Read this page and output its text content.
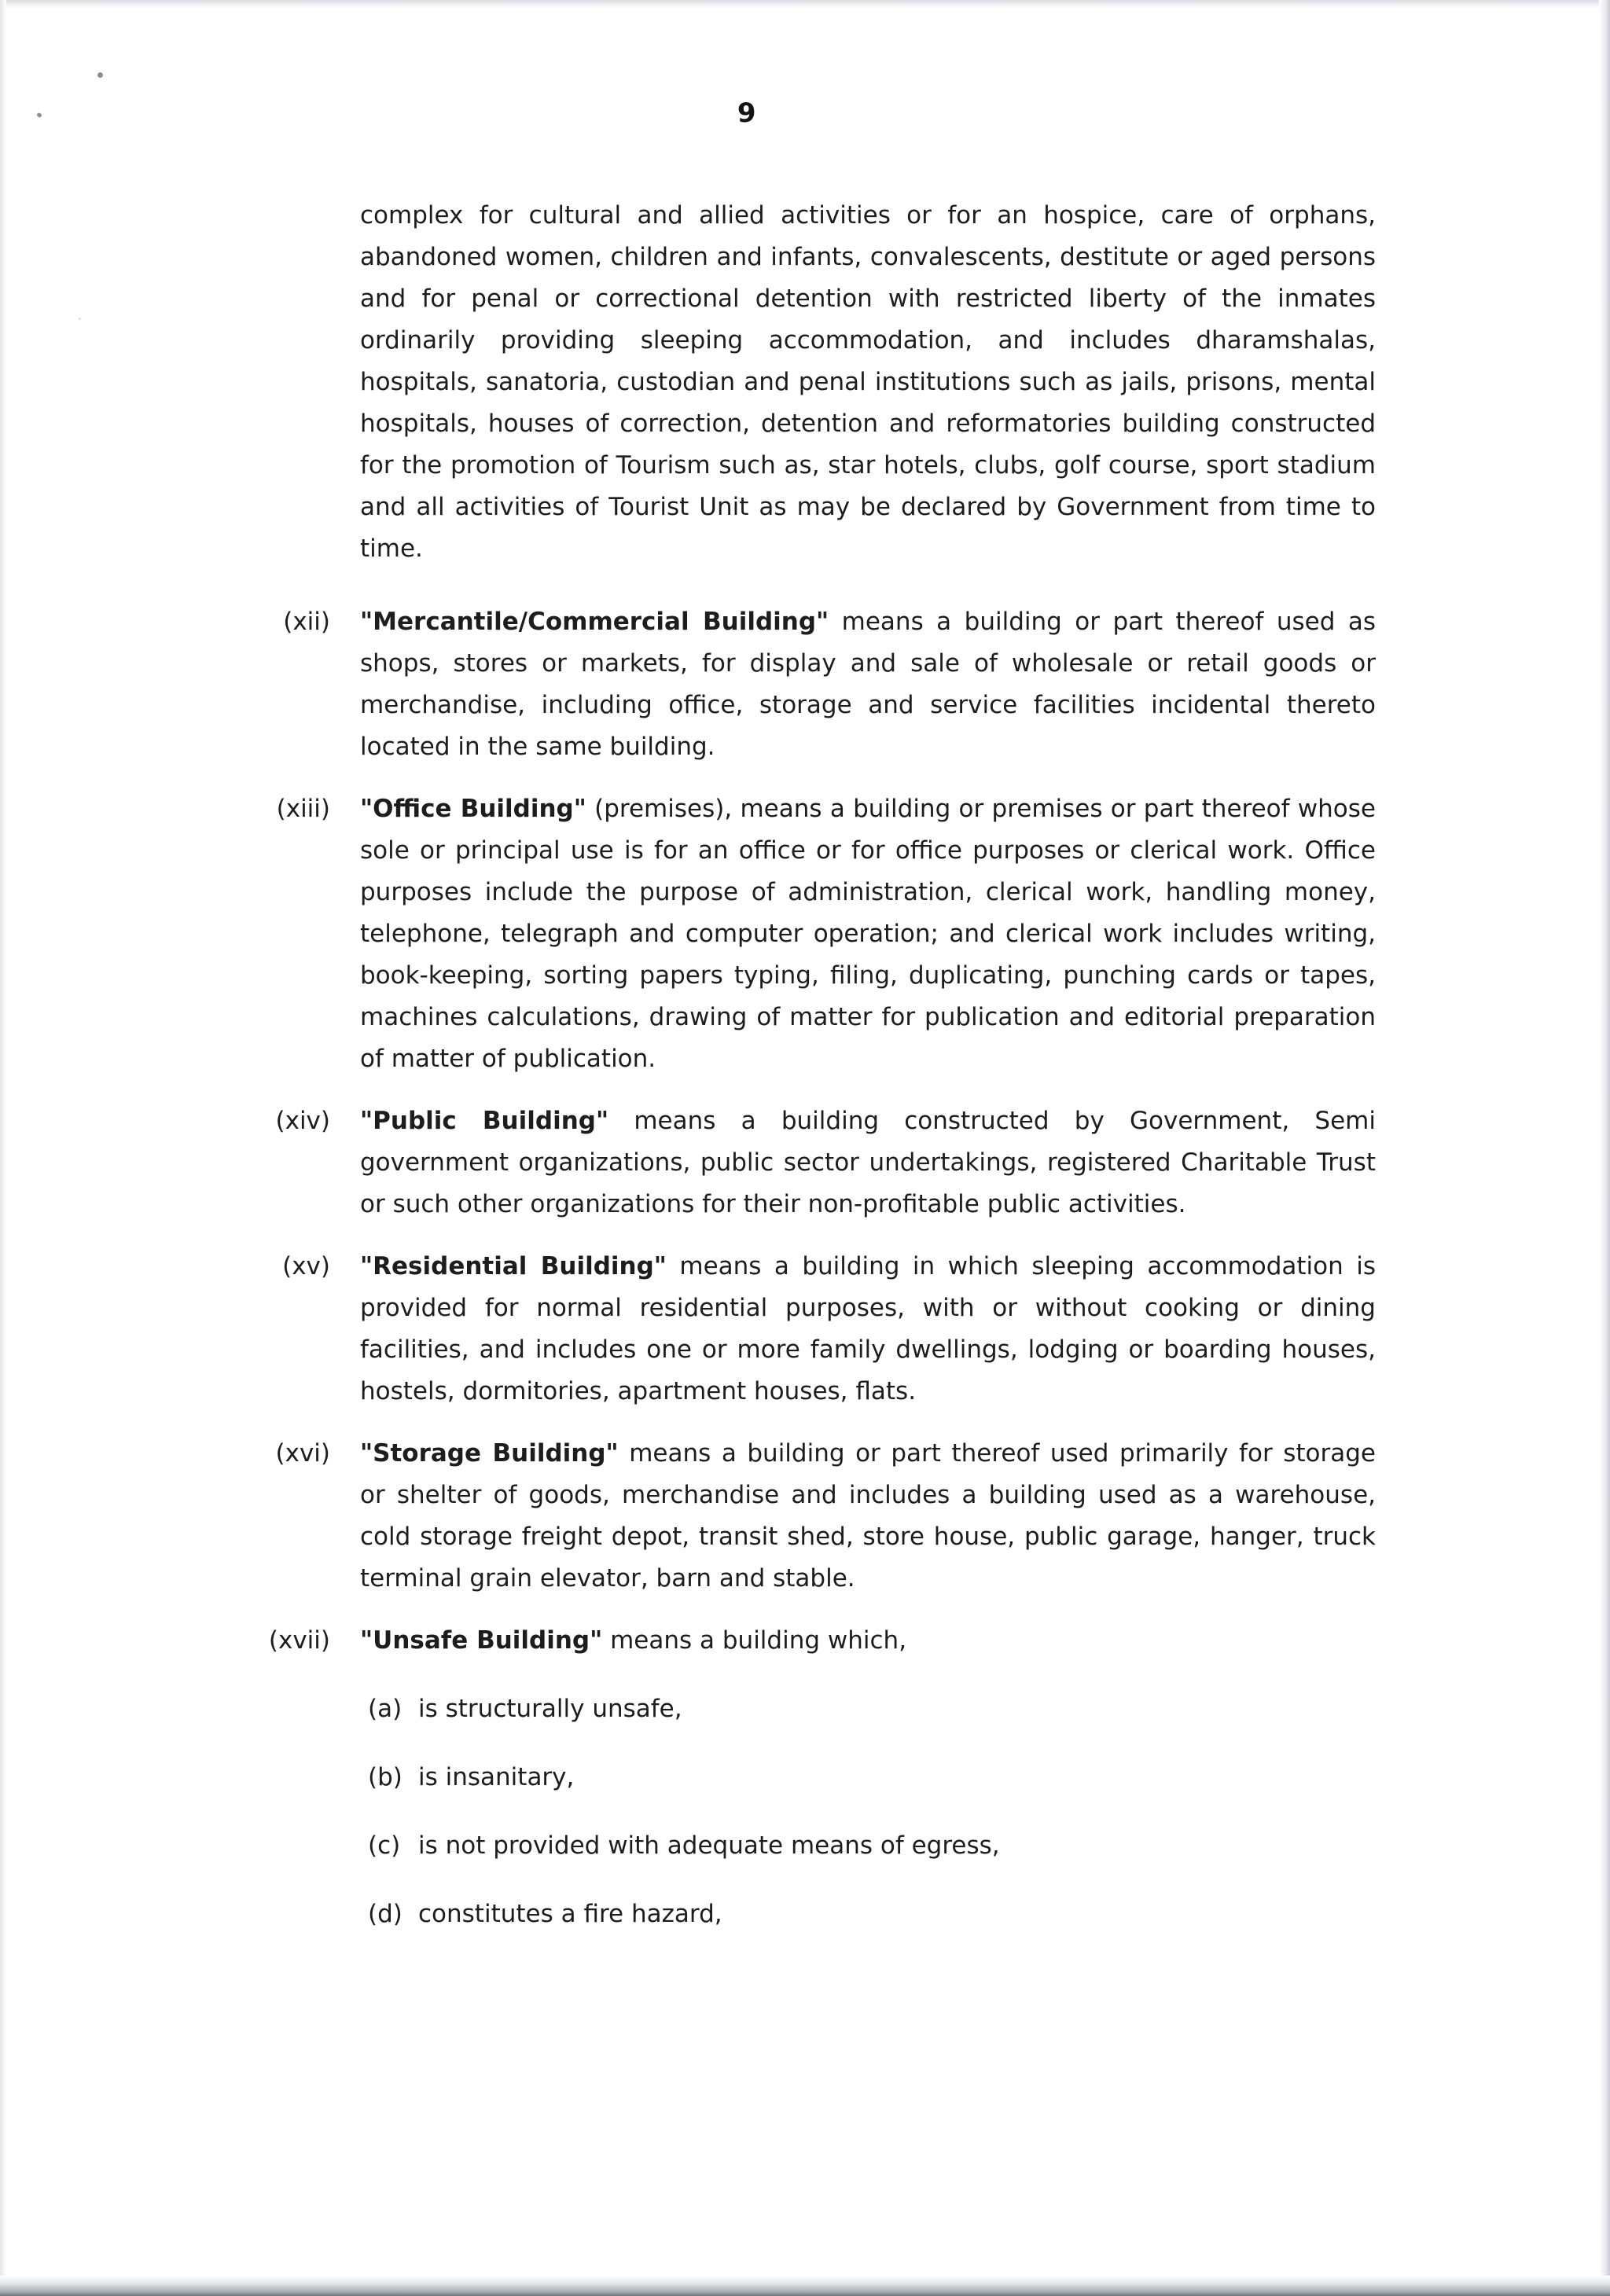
9
complex for cultural and allied activities or for an hospice, care of orphans, abandoned women, children and infants, convalescents, destitute or aged persons and for penal or correctional detention with restricted liberty of the inmates ordinarily providing sleeping accommodation, and includes dharamshalas, hospitals, sanatoria, custodian and penal institutions such as jails, prisons, mental hospitals, houses of correction, detention and reformatories building constructed for the promotion of Tourism such as, star hotels, clubs, golf course, sport stadium and all activities of Tourist Unit as may be declared by Government from time to time.
(xii)	"Mercantile/Commercial Building" means a building or part thereof used as shops, stores or markets, for display and sale of wholesale or retail goods or merchandise, including office, storage and service facilities incidental thereto located in the same building.
(xiii)	"Office Building" (premises), means a building or premises or part thereof whose sole or principal use is for an office or for office purposes or clerical work. Office purposes include the purpose of administration, clerical work, handling money, telephone, telegraph and computer operation; and clerical work includes writing, book-keeping, sorting papers typing, filing, duplicating, punching cards or tapes, machines calculations, drawing of matter for publication and editorial preparation of matter of publication.
(xiv)	"Public Building" means a building constructed by Government, Semi government organizations, public sector undertakings, registered Charitable Trust or such other organizations for their non-profitable public activities.
(xv)	"Residential Building" means a building in which sleeping accommodation is provided for normal residential purposes, with or without cooking or dining facilities, and includes one or more family dwellings, lodging or boarding houses, hostels, dormitories, apartment houses, flats.
(xvi)	"Storage Building" means a building or part thereof used primarily for storage or shelter of goods, merchandise and includes a building used as a warehouse, cold storage freight depot, transit shed, store house, public garage, hanger, truck terminal grain elevator, barn and stable.
(xvii)	"Unsafe Building" means a building which,
(a) is structurally unsafe,
(b) is insanitary,
(c) is not provided with adequate means of egress,
(d) constitutes a fire hazard,
